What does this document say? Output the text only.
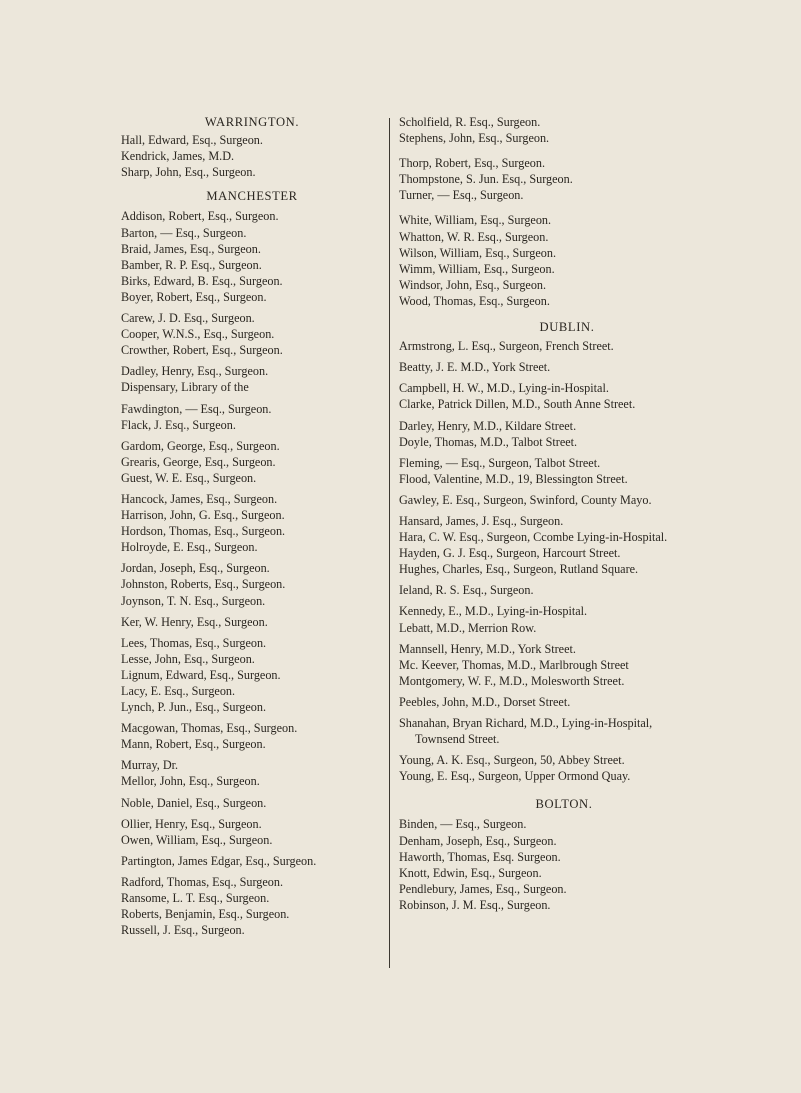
WARRINGTON.
Hall, Edward, Esq., Surgeon.
Kendrick, James, M.D.
Sharp, John, Esq., Surgeon.
MANCHESTER
Addison, Robert, Esq., Surgeon.
Barton, — Esq., Surgeon.
Braid, James, Esq., Surgeon.
Bamber, R. P. Esq., Surgeon.
Birks, Edward, B. Esq., Surgeon.
Boyer, Robert, Esq., Surgeon.
Carew, J. D. Esq., Surgeon.
Cooper, W.N.S., Esq., Surgeon.
Crowther, Robert, Esq., Surgeon.
Dadley, Henry, Esq., Surgeon.
Dispensary, Library of the
Fawdington, — Esq., Surgeon.
Flack, J. Esq., Surgeon.
Gardom, George, Esq., Surgeon.
Grearis, George, Esq., Surgeon.
Guest, W. E. Esq., Surgeon.
Hancock, James, Esq., Surgeon.
Harrison, John, G. Esq., Surgeon.
Hordson, Thomas, Esq., Surgeon.
Holroyde, E. Esq., Surgeon.
Jordan, Joseph, Esq., Surgeon.
Johnston, Roberts, Esq., Surgeon.
Joynson, T. N. Esq., Surgeon.
Ker, W. Henry, Esq., Surgeon.
Lees, Thomas, Esq., Surgeon.
Lesse, John, Esq., Surgeon.
Lignum, Edward, Esq., Surgeon.
Lacy, E. Esq., Surgeon.
Lynch, P. Jun., Esq., Surgeon.
Macgowan, Thomas, Esq., Surgeon.
Mann, Robert, Esq., Surgeon.
Murray, Dr.
Mellor, John, Esq., Surgeon.
Noble, Daniel, Esq., Surgeon.
Ollier, Henry, Esq., Surgeon.
Owen, William, Esq., Surgeon.
Partington, James Edgar, Esq., Surgeon.
Radford, Thomas, Esq., Surgeon.
Ransome, L. T. Esq., Surgeon.
Roberts, Benjamin, Esq., Surgeon.
Russell, J. Esq., Surgeon.
Scholfield, R. Esq., Surgeon.
Stephens, John, Esq., Surgeon.
Thorp, Robert, Esq., Surgeon.
Thompstone, S. Jun. Esq., Surgeon.
Turner, — Esq., Surgeon.
White, William, Esq., Surgeon.
Whatton, W. R. Esq., Surgeon.
Wilson, William, Esq., Surgeon.
Wimm, William, Esq., Surgeon.
Windsor, John, Esq., Surgeon.
Wood, Thomas, Esq., Surgeon.
DUBLIN.
Armstrong, L. Esq., Surgeon, French Street.
Beatty, J. E. M.D., York Street.
Campbell, H. W., M.D., Lying-in-Hospital.
Clarke, Patrick Dillen, M.D., South Anne Street.
Darley, Henry, M.D., Kildare Street.
Doyle, Thomas, M.D., Talbot Street.
Fleming, — Esq., Surgeon, Talbot Street.
Flood, Valentine, M.D., 19, Blessington Street.
Gawley, E. Esq., Surgeon, Swinford, County Mayo.
Hansard, James, J. Esq., Surgeon.
Hara, C. W. Esq., Surgeon, Ccombe Lying-in-Hospital.
Hayden, G. J. Esq., Surgeon, Harcourt Street.
Hughes, Charles, Esq., Surgeon, Rutland Square.
Ieland, R. S. Esq., Surgeon.
Kennedy, E., M.D., Lying-in-Hospital.
Lebatt, M.D., Merrion Row.
Mannsell, Henry, M.D., York Street.
Mc. Keever, Thomas, M.D., Marlbrough Street
Montgomery, W. F., M.D., Molesworth Street.
Peebles, John, M.D., Dorset Street.
Shanahan, Bryan Richard, M.D., Lying-in-Hospital,
Townsend Street.
Young, A. K. Esq., Surgeon, 50, Abbey Street.
Young, E. Esq., Surgeon, Upper Ormond Quay.
BOLTON.
Binden, — Esq., Surgeon.
Denham, Joseph, Esq., Surgeon.
Haworth, Thomas, Esq. Surgeon.
Knott, Edwin, Esq., Surgeon.
Pendlebury, James, Esq., Surgeon.
Robinson, J. M. Esq., Surgeon.
